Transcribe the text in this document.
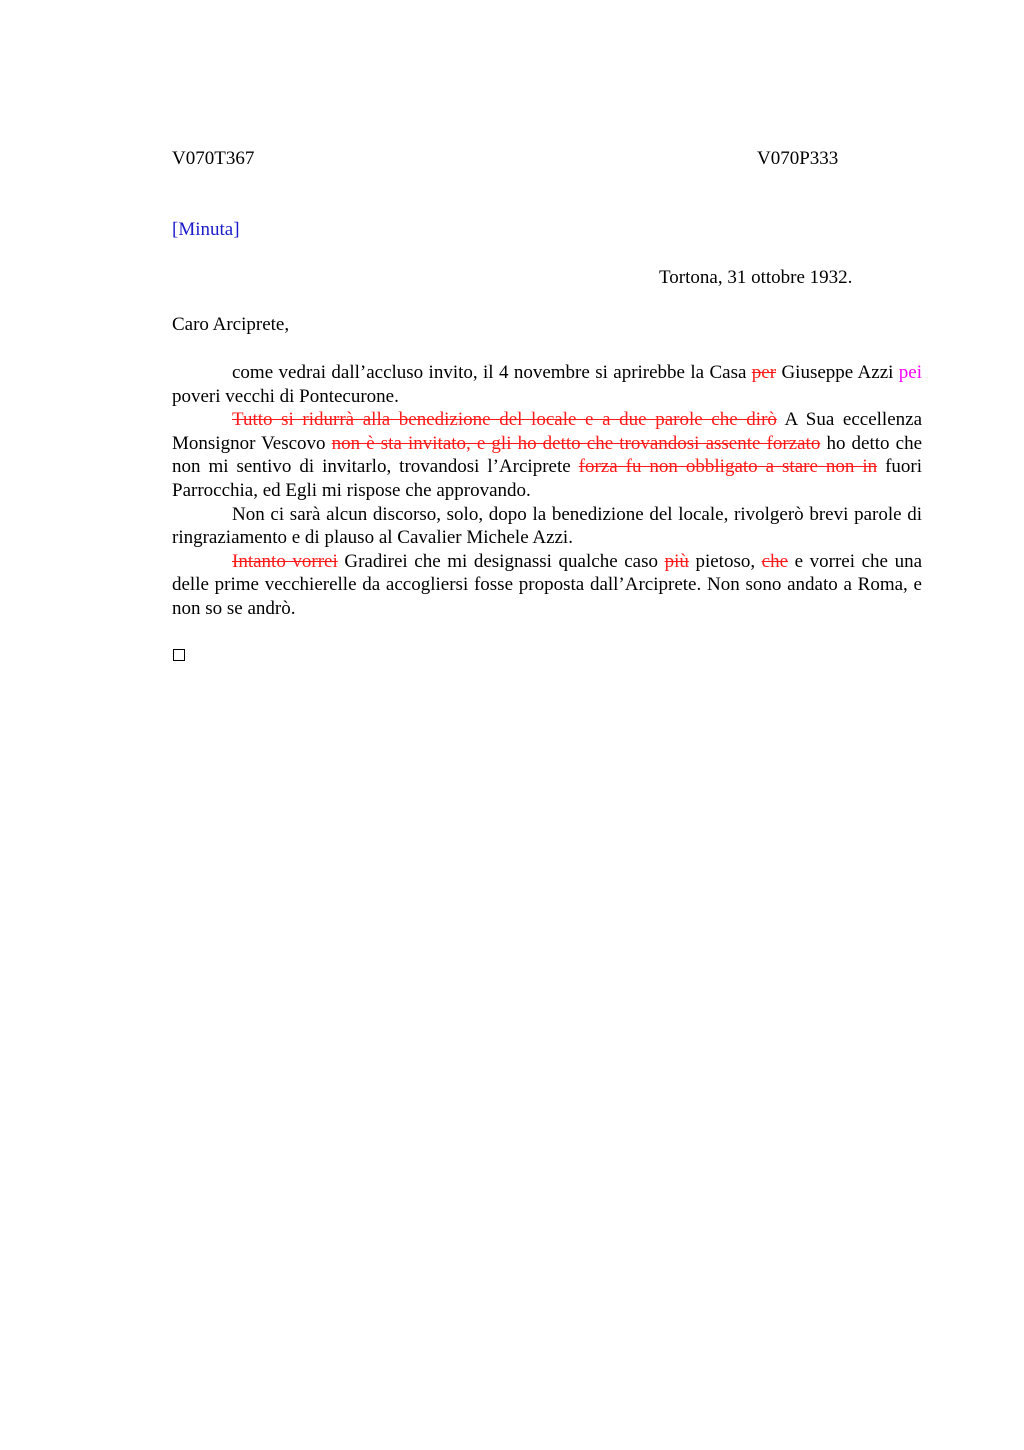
V070T367	V070P333
[Minuta]
Tortona, 31 ottobre 1932.
Caro Arciprete,

come vedrai dall’accluso invito, il 4 novembre si aprirebbe la Casa per Giuseppe Azzi pei poveri vecchi di Pontecurone.

Tutto si ridurrà alla benedizione del locale e a due parole che dirò A Sua eccellenza Monsignor Vescovo non è sta invitato, e gli ho detto che trovandosi assente forzato ho detto che non mi sentivo di invitarlo, trovandosi l’Arciprete forza fu non obbligato a stare non in fuori Parrocchia, ed Egli mi rispose che approvando.

Non ci sarà alcun discorso, solo, dopo la benedizione del locale, rivolgerò brevi parole di ringraziamento e di plauso al Cavalier Michele Azzi.

Intanto vorrei Gradirei che mi designassi qualche caso più pietoso, che e vorrei che una delle prime vecchierelle da accogliersi fosse proposta dall’Arciprete. Non sono andato a Roma, e non so se andrò.
